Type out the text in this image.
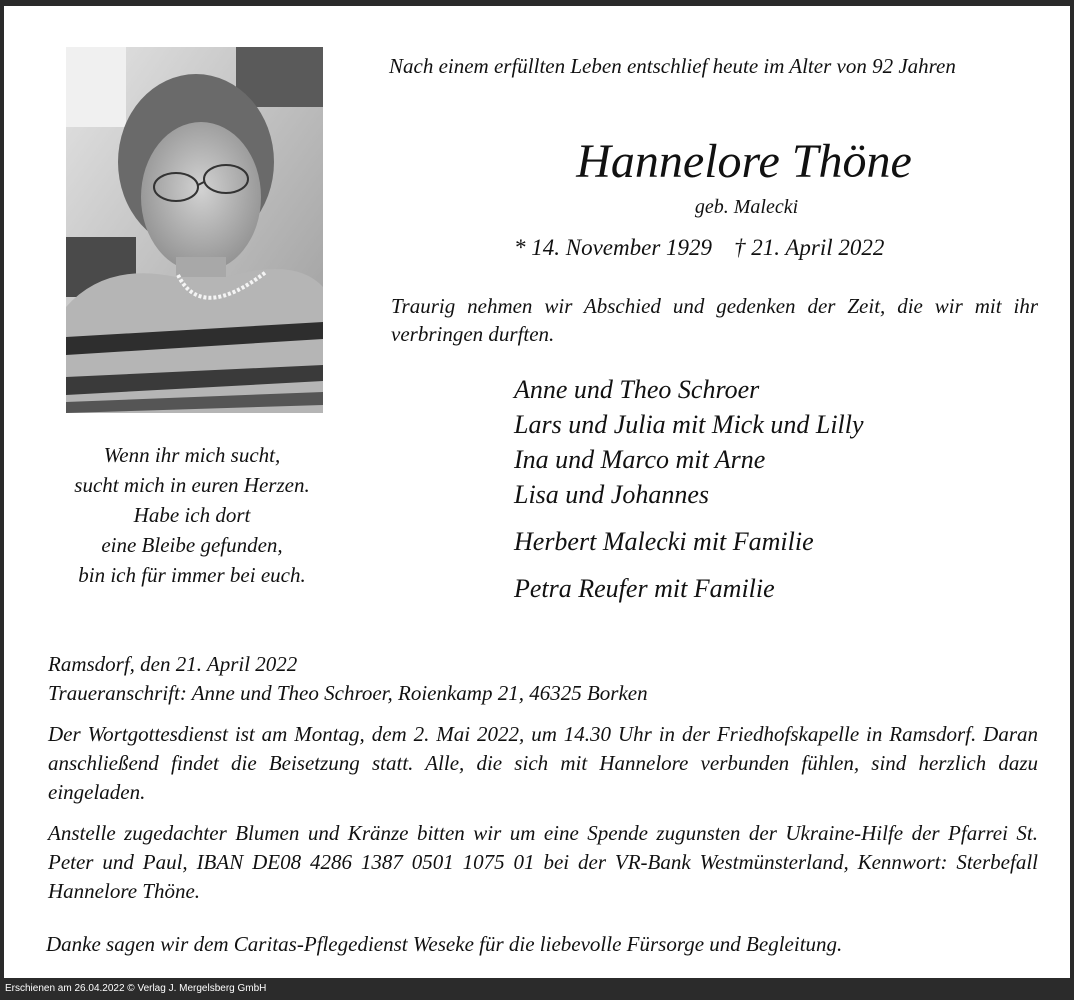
Wenn ihr mich sucht,
sucht mich in euren Herzen.
Habe ich dort
eine Bleibe gefunden,
bin ich für immer bei euch.
Nach einem erfüllten Leben entschlief heute im Alter von 92 Jahren
Hannelore Thöne
geb. Malecki
* 14. November 1929 † 21. April 2022
Traurig nehmen wir Abschied und gedenken der Zeit, die wir mit ihr verbringen durften.
Anne und Theo Schroer
Lars und Julia mit Mick und Lilly
Ina und Marco mit Arne
Lisa und Johannes
Herbert Malecki mit Familie
Petra Reufer mit Familie
Ramsdorf, den 21. April 2022
Traueranschrift: Anne und Theo Schroer, Roienkamp 21, 46325 Borken

Der Wortgottesdienst ist am Montag, dem 2. Mai 2022, um 14.30 Uhr in der Friedhofskapelle in Ramsdorf. Daran anschließend findet die Beisetzung statt. Alle, die sich mit Hannelore verbunden fühlen, sind herzlich dazu eingeladen.

Anstelle zugedachter Blumen und Kränze bitten wir um eine Spende zugunsten der Ukraine-Hilfe der Pfarrei St. Peter und Paul, IBAN DE08 4286 1387 0501 1075 01 bei der VR-Bank Westmünsterland, Kennwort: Sterbefall Hannelore Thöne.

Danke sagen wir dem Caritas-Pflegedienst Weseke für die liebevolle Fürsorge und Begleitung.
Erschienen am 26.04.2022 © Verlag J. Mergelsberg GmbH
